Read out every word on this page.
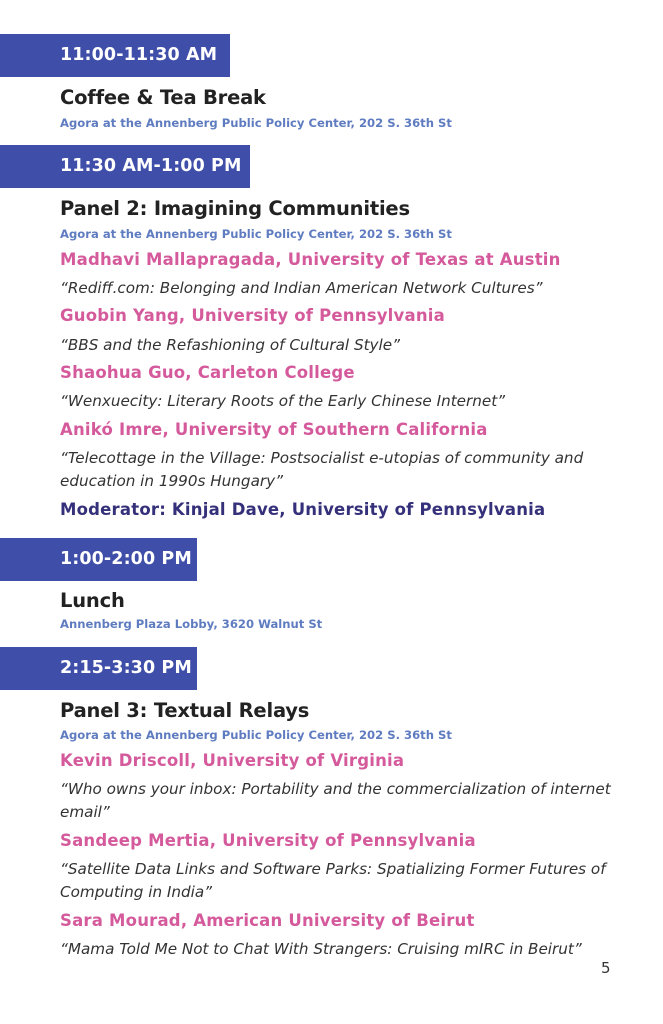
11:00-11:30 AM
Coffee & Tea Break
Agora at the Annenberg Public Policy Center, 202 S. 36th St
11:30 AM-1:00 PM
Panel 2: Imagining Communities
Agora at the Annenberg Public Policy Center, 202 S. 36th St
Madhavi Mallapragada, University of Texas at Austin
“Rediff.com: Belonging and Indian American Network Cultures”
Guobin Yang, University of Pennsylvania
“BBS and the Refashioning of Cultural Style”
Shaohua Guo, Carleton College
“Wenxuecity: Literary Roots of the Early Chinese Internet”
Anikó Imre, University of Southern California
“Telecottage in the Village: Postsocialist e-utopias of community and education in 1990s Hungary”
Moderator: Kinjal Dave, University of Pennsylvania
1:00-2:00 PM
Lunch
Annenberg Plaza Lobby, 3620 Walnut St
2:15-3:30 PM
Panel 3: Textual Relays
Agora at the Annenberg Public Policy Center, 202 S. 36th St
Kevin Driscoll, University of Virginia
“Who owns your inbox: Portability and the commercialization of internet email”
Sandeep Mertia, University of Pennsylvania
“Satellite Data Links and Software Parks: Spatializing Former Futures of Computing in India”
Sara Mourad, American University of Beirut
“Mama Told Me Not to Chat With Strangers: Cruising mIRC in Beirut”
5
